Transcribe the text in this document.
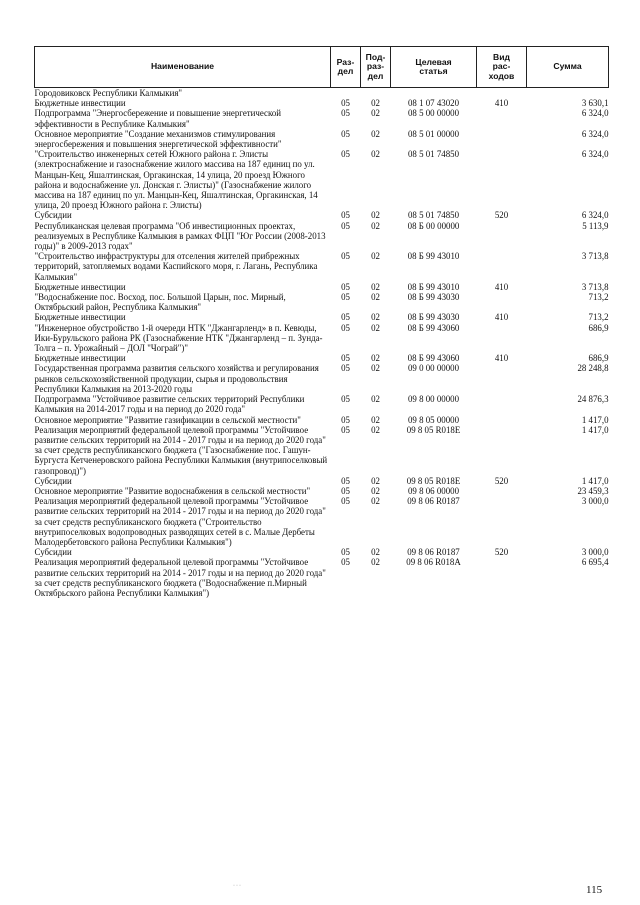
Наименование	Раз-
дел	Под-
раз-
дел	Целевая
статья	Вид
рас-
ходов	Сумма
Городовиковск Республики Калмыкия"					
Бюджетные инвестиции	05	02	08 1 07 43020	410	3 630,1
Подпрограмма "Энергосбережение и повышение энергетической эффективности в Республике Калмыкия"	05	02	08 5 00 00000		6 324,0
Основное мероприятие "Создание механизмов стимулирования энергосбережения и повышения энергетической эффективности"	05	02	08 5 01 00000		6 324,0
"Строительство инженерных сетей Южного района г. Элисты (электроснабжение и газоснабжение жилого массива на 187 единиц по ул. Манцын-Кец, Яшалтинская, Оргакинская, 14 улица, 20 проезд Южного района и водоснабжение ул. Донская г. Элисты)" (Газоснабжение жилого массива на 187 единиц по ул. Манцын-Кец, Яшалтинская, Оргакинская, 14 улица, 20 проезд Южного района г. Элисты)	05	02	08 5 01 74850		6 324,0
Субсидии	05	02	08 5 01 74850	520	6 324,0
Республиканская целевая программа "Об инвестиционных проектах, реализуемых в Республике Калмыкия в рамках ФЦП "Юг России (2008-2013 годы)" в 2009-2013 годах"	05	02	08 Б 00 00000		5 113,9
"Строительство инфраструктуры для отселения жителей прибрежных территорий, затопляемых водами Каспийского моря, г. Лагань, Республика Калмыкия"	05	02	08 Б 99 43010		3 713,8
Бюджетные инвестиции	05	02	08 Б 99 43010	410	3 713,8
"Водоснабжение пос. Восход, пос. Большой Царын, пос. Мирный, Октябрьский район, Республика Калмыкия"	05	02	08 Б 99 43030		713,2
Бюджетные инвестиции	05	02	08 Б 99 43030	410	713,2
"Инженерное обустройство 1-й очереди НТК "Джангарленд» в п. Кевюды, Ики-Бурульского района РК (Газоснабжение НТК "Джангарленд – п. Зунда-Толга – п. Урожайный – ДОЛ "Чограй")"	05	02	08 Б 99 43060		686,9
Бюджетные инвестиции	05	02	08 Б 99 43060	410	686,9
Государственная программа развития сельского хозяйства и регулирования рынков сельскохозяйственной продукции, сырья и продовольствия Республики Калмыкия на 2013-2020 годы	05	02	09 0 00 00000		28 248,8
Подпрограмма "Устойчивое развитие сельских территорий Республики Калмыкия на 2014-2017 годы и на период до 2020 года"	05	02	09 8 00 00000		24 876,3
Основное мероприятие "Развитие газификации в сельской местности"	05	02	09 8 05 00000		1 417,0
Реализация мероприятий федеральной целевой программы "Устойчивое развитие сельских территорий на 2014 - 2017 годы и на период до 2020 года" за счет средств республиканского бюджета ("Газоснабжение пос. Гашун-Бургуста Кетченеровского района Республики Калмыкия (внутрипоселковый газопровод)")	05	02	09 8 05 R018E		1 417,0
Субсидии	05	02	09 8 05 R018E	520	1 417,0
Основное мероприятие "Развитие водоснабжения в сельской местности"	05	02	09 8 06 00000		23 459,3
Реализация мероприятий федеральной целевой программы "Устойчивое развитие сельских территорий на 2014 - 2017 годы и на период до 2020 года" за счет средств республиканского бюджета ("Строительство внутрипоселковых водопроводных разводящих сетей в с. Малые Дербеты Малодербетовского района Республики Калмыкия")	05	02	09 8 06 R0187		3 000,0
Субсидии	05	02	09 8 06 R0187	520	3 000,0
Реализация мероприятий федеральной целевой программы "Устойчивое развитие сельских территорий на 2014 - 2017 годы и на период до 2020 года" за счет средств республиканского бюджета ("Водоснабжение п.Мирный Октябрьского района Республики Калмыкия")	05	02	09 8 06 R018A		6 695,4
···	115
